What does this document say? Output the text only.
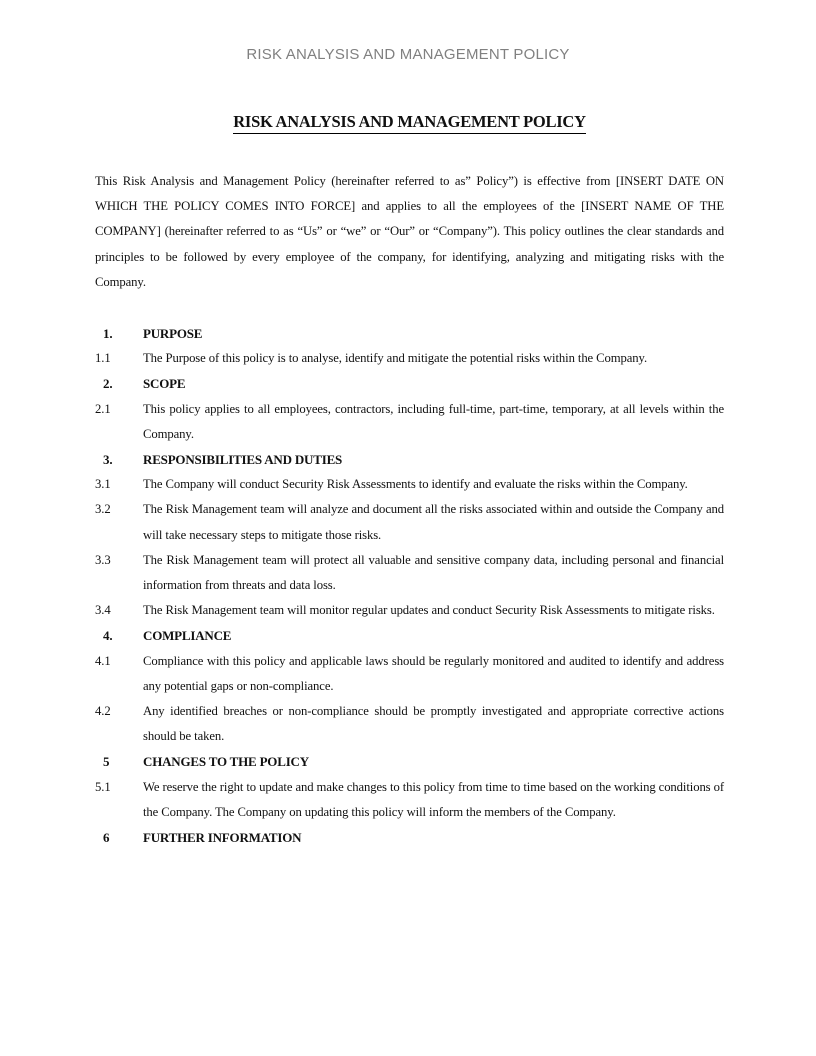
RISK ANALYSIS AND MANAGEMENT POLICY
RISK ANALYSIS AND MANAGEMENT POLICY

This Risk Analysis and Management Policy (hereinafter referred to as” Policy”) is effective from [INSERT DATE ON WHICH THE POLICY COMES INTO FORCE] and applies to all the employees of the [INSERT NAME OF THE COMPANY] (hereinafter referred to as “Us” or “we” or “Our” or “Company”). This policy outlines the clear standards and principles to be followed by every employee of the company, for identifying, analyzing and mitigating risks with the Company.

1.	PURPOSE
1.1	The Purpose of this policy is to analyse, identify and mitigate the potential risks within the Company.
2.	SCOPE
2.1	This policy applies to all employees, contractors, including full-time, part-time, temporary, at all levels within the Company.
3.	RESPONSIBILITIES AND DUTIES
3.1	The Company will conduct Security Risk Assessments to identify and evaluate the risks within the Company.
3.2	The Risk Management team will analyze and document all the risks associated within and outside the Company and will take necessary steps to mitigate those risks.
3.3	The Risk Management team will protect all valuable and sensitive company data, including personal and financial information from threats and data loss.
3.4	The Risk Management team will monitor regular updates and conduct Security Risk Assessments to mitigate risks.
4.	COMPLIANCE
4.1	Compliance with this policy and applicable laws should be regularly monitored and audited to identify and address any potential gaps or non-compliance.
4.2	Any identified breaches or non-compliance should be promptly investigated and appropriate corrective actions should be taken.
5	CHANGES TO THE POLICY
5.1	We reserve the right to update and make changes to this policy from time to time based on the working conditions of the Company. The Company on updating this policy will inform the members of the Company.
6	FURTHER INFORMATION
